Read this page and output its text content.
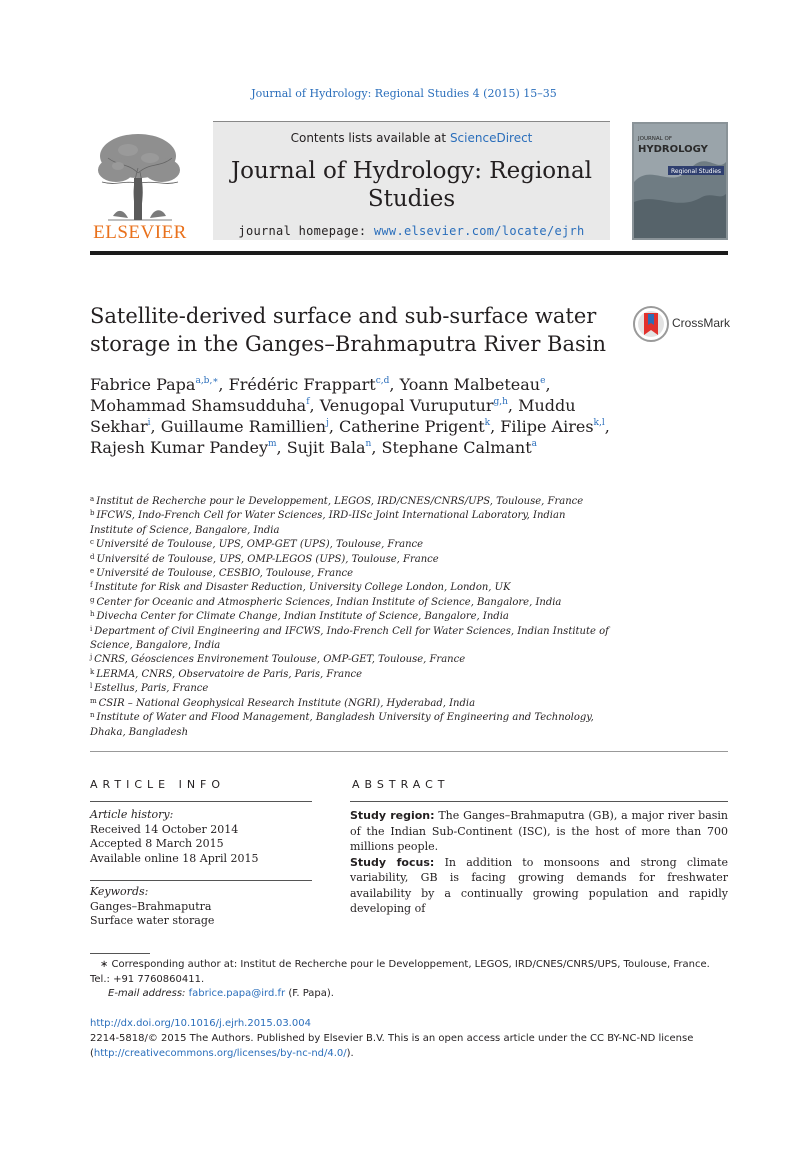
Journal of Hydrology: Regional Studies 4 (2015) 15–35
ELSEVIER
Contents lists available at ScienceDirect
Journal of Hydrology: Regional Studies
journal homepage: www.elsevier.com/locate/ejrh
JOURNAL OF
HYDROLOGY
Regional Studies
Satellite-derived surface and sub-surface water storage in the Ganges–Brahmaputra River Basin
CrossMark
Fabrice Papa$^{a,b,∗}$, Frédéric Frappart$^{c,d}$, Yoann Malbeteau$^e$, Mohammad Shamsudduha$^f$, Venugopal Vuruputur$^{g,h}$, Muddu Sekhar$^i$, Guillaume Ramillien$^j$, Catherine Prigent$^k$, Filipe Aires$^{k,l}$, Rajesh Kumar Pandey$^m$, Sujit Bala$^n$, Stephane Calmant$^a$
$^a$ Institut de Recherche pour le Developpement, LEGOS, IRD/CNES/CNRS/UPS, Toulouse, France
$^b$ IFCWS, Indo-French Cell for Water Sciences, IRD-IISc Joint International Laboratory, Indian Institute of Science, Bangalore, India
$^c$ Université de Toulouse, UPS, OMP-GET (UPS), Toulouse, France
$^d$ Université de Toulouse, UPS, OMP-LEGOS (UPS), Toulouse, France
$^e$ Université de Toulouse, CESBIO, Toulouse, France
$^f$ Institute for Risk and Disaster Reduction, University College London, London, UK
$^g$ Center for Oceanic and Atmospheric Sciences, Indian Institute of Science, Bangalore, India
$^h$ Divecha Center for Climate Change, Indian Institute of Science, Bangalore, India
$^i$ Department of Civil Engineering and IFCWS, Indo-French Cell for Water Sciences, Indian Institute of Science, Bangalore, India
$^j$ CNRS, Géosciences Environement Toulouse, OMP-GET, Toulouse, France
$^k$ LERMA, CNRS, Observatoire de Paris, Paris, France
$^l$ Estellus, Paris, France
$^m$ CSIR – National Geophysical Research Institute (NGRI), Hyderabad, India
$^n$ Institute of Water and Flood Management, Bangladesh University of Engineering and Technology, Dhaka, Bangladesh
ARTICLE INFO	ABSTRACT
Article history:
Received 14 October 2014
Accepted 8 March 2015
Available online 18 April 2015
Keywords:
Ganges–Brahmaputra
Surface water storage

Study region: The Ganges–Brahmaputra (GB), a major river basin of the Indian Sub-Continent (ISC), is the host of more than 700 millions people.

Study focus: In addition to monsoons and strong climate variability, GB is facing growing demands for freshwater availability by a continually growing population and rapidly developing of

∗ Corresponding author at: Institut de Recherche pour le Developpement, LEGOS, IRD/CNES/CNRS/UPS, Toulouse, France.
Tel.: +91 7760860411.
E-mail address: fabrice.papa@ird.fr (F. Papa).
http://dx.doi.org/10.1016/j.ejrh.2015.03.004
2214-5818/© 2015 The Authors. Published by Elsevier B.V. This is an open access article under the CC BY-NC-ND license (http://creativecommons.org/licenses/by-nc-nd/4.0/).
